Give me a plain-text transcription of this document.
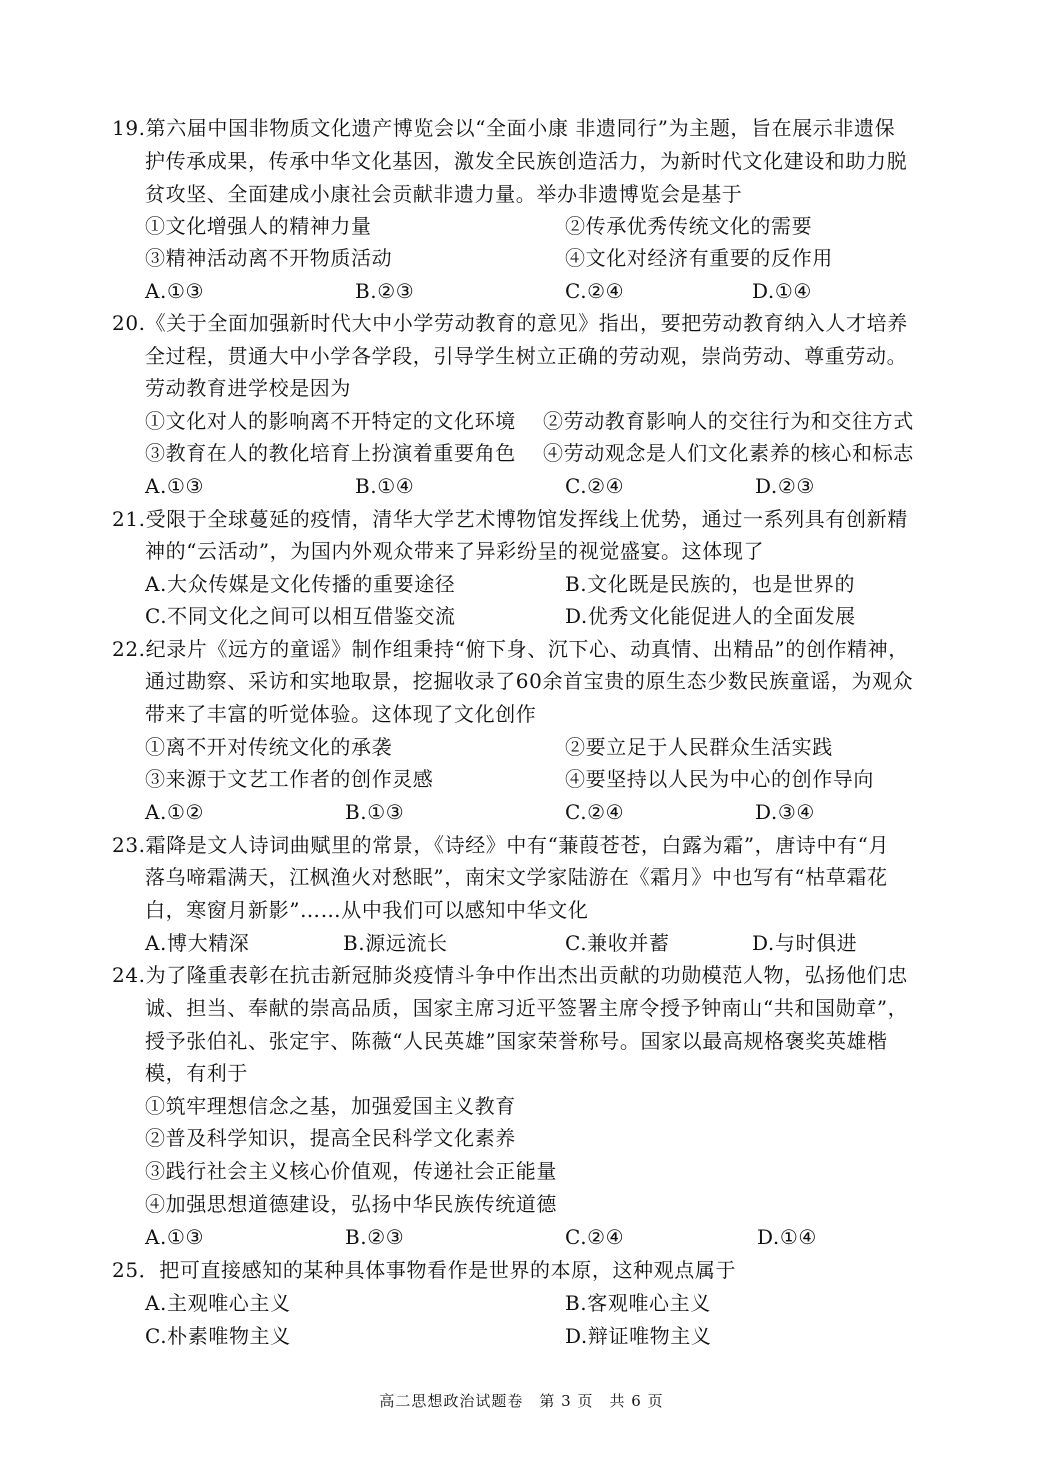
19.第六届中国非物质文化遗产博览会以“全面小康 非遗同行”为主题，旨在展示非遗保
护传承成果，传承中华文化基因，激发全民族创造活力，为新时代文化建设和助力脱
贫攻坚、全面建成小康社会贡献非遗力量。举办非遗博览会是基于
①文化增强人的精神力量	②传承优秀传统文化的需要
③精神活动离不开物质活动	④文化对经济有重要的反作用
A.①③	B.②③	C.②④	D.①④
20.《关于全面加强新时代大中小学劳动教育的意见》指出，要把劳动教育纳入人才培养
全过程，贯通大中小学各学段，引导学生树立正确的劳动观，崇尚劳动、尊重劳动。
劳动教育进学校是因为
①文化对人的影响离不开特定的文化环境 ②劳动教育影响人的交往行为和交往方式
③教育在人的教化培育上扮演着重要角色 ④劳动观念是人们文化素养的核心和标志
A.①③	B.①④	C.②④	D.②③
21.受限于全球蔓延的疫情，清华大学艺术博物馆发挥线上优势，通过一系列具有创新精
神的“云活动”，为国内外观众带来了异彩纷呈的视觉盛宴。这体现了
A.大众传媒是文化传播的重要途径	B.文化既是民族的，也是世界的
C.不同文化之间可以相互借鉴交流	D.优秀文化能促进人的全面发展
22.纪录片《远方的童谣》制作组秉持“俯下身、沉下心、动真情、出精品”的创作精神，
通过勘察、采访和实地取景，挖掘收录了60余首宝贵的原生态少数民族童谣，为观众
带来了丰富的听觉体验。这体现了文化创作
①离不开对传统文化的承袭	②要立足于人民群众生活实践
③来源于文艺工作者的创作灵感	④要坚持以人民为中心的创作导向
A.①②	B.①③	C.②④	D.③④
23.霜降是文人诗词曲赋里的常景，《诗经》中有“蒹葭苍苍，白露为霜”，唐诗中有“月
落乌啼霜满天，江枫渔火对愁眠”，南宋文学家陆游在《霜月》中也写有“枯草霜花
白，寒窗月新影”……从中我们可以感知中华文化
A.博大精深	B.源远流长	C.兼收并蓄	D.与时俱进
24.为了隆重表彰在抗击新冠肺炎疫情斗争中作出杰出贡献的功勋模范人物，弘扬他们忠
诚、担当、奉献的崇高品质，国家主席习近平签署主席令授予钟南山“共和国勋章”，
授予张伯礼、张定宇、陈薇“人民英雄”国家荣誉称号。国家以最高规格褒奖英雄楷
模，有利于
①筑牢理想信念之基，加强爱国主义教育
②普及科学知识，提高全民科学文化素养
③践行社会主义核心价值观，传递社会正能量
④加强思想道德建设，弘扬中华民族传统道德
A.①③	B.②③	C.②④	D.①④
25．把可直接感知的某种具体事物看作是世界的本原，这种观点属于
A.主观唯心主义	B.客观唯心主义
C.朴素唯物主义	D.辩证唯物主义
高二思想政治试题卷　第 3 页　共 6 页
